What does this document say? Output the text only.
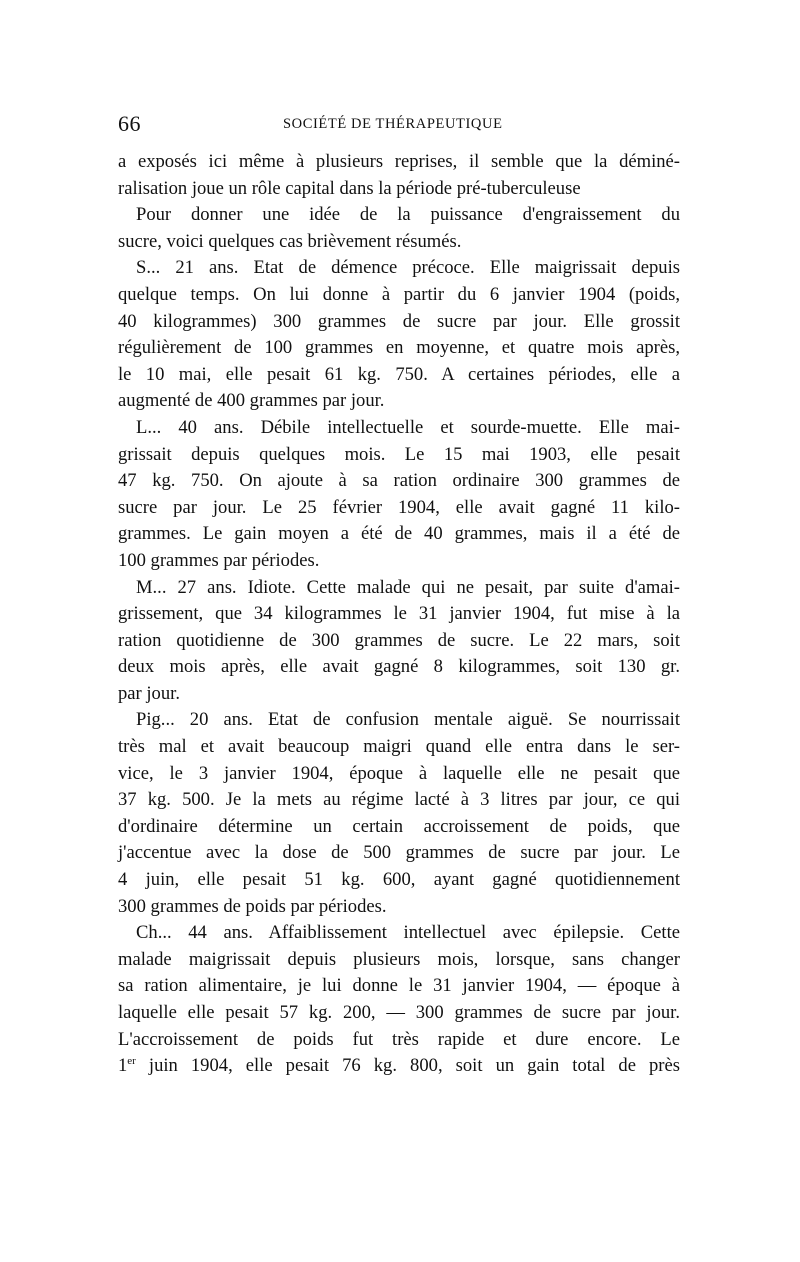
66	SOCIÉTÉ DE THÉRAPEUTIQUE
a exposés ici même à plusieurs reprises, il semble que la déminé-
ralisation joue un rôle capital dans la période pré-tuberculeuse
Pour donner une idée de la puissance d'engraissement du
sucre, voici quelques cas brièvement résumés.
S... 21 ans. Etat de démence précoce. Elle maigrissait depuis
quelque temps. On lui donne à partir du 6 janvier 1904 (poids,
40 kilogrammes) 300 grammes de sucre par jour. Elle grossit
régulièrement de 100 grammes en moyenne, et quatre mois après,
le 10 mai, elle pesait 61 kg. 750. A certaines périodes, elle a
augmenté de 400 grammes par jour.
L... 40 ans. Débile intellectuelle et sourde-muette. Elle mai-
grissait depuis quelques mois. Le 15 mai 1903, elle pesait
47 kg. 750. On ajoute à sa ration ordinaire 300 grammes de
sucre par jour. Le 25 février 1904, elle avait gagné 11 kilo-
grammes. Le gain moyen a été de 40 grammes, mais il a été de
100 grammes par périodes.
M... 27 ans. Idiote. Cette malade qui ne pesait, par suite d'amai-
grissement, que 34 kilogrammes le 31 janvier 1904, fut mise à la
ration quotidienne de 300 grammes de sucre. Le 22 mars, soit
deux mois après, elle avait gagné 8 kilogrammes, soit 130 gr.
par jour.
Pig... 20 ans. Etat de confusion mentale aiguë. Se nourrissait
très mal et avait beaucoup maigri quand elle entra dans le ser-
vice, le 3 janvier 1904, époque à laquelle elle ne pesait que
37 kg. 500. Je la mets au régime lacté à 3 litres par jour, ce qui
d'ordinaire détermine un certain accroissement de poids, que
j'accentue avec la dose de 500 grammes de sucre par jour. Le
4 juin, elle pesait 51 kg. 600, ayant gagné quotidiennement
300 grammes de poids par périodes.
Ch... 44 ans. Affaiblissement intellectuel avec épilepsie. Cette
malade maigrissait depuis plusieurs mois, lorsque, sans changer
sa ration alimentaire, je lui donne le 31 janvier 1904, — époque à
laquelle elle pesait 57 kg. 200, — 300 grammes de sucre par jour.
L'accroissement de poids fut très rapide et dure encore. Le
1er juin 1904, elle pesait 76 kg. 800, soit un gain total de près
